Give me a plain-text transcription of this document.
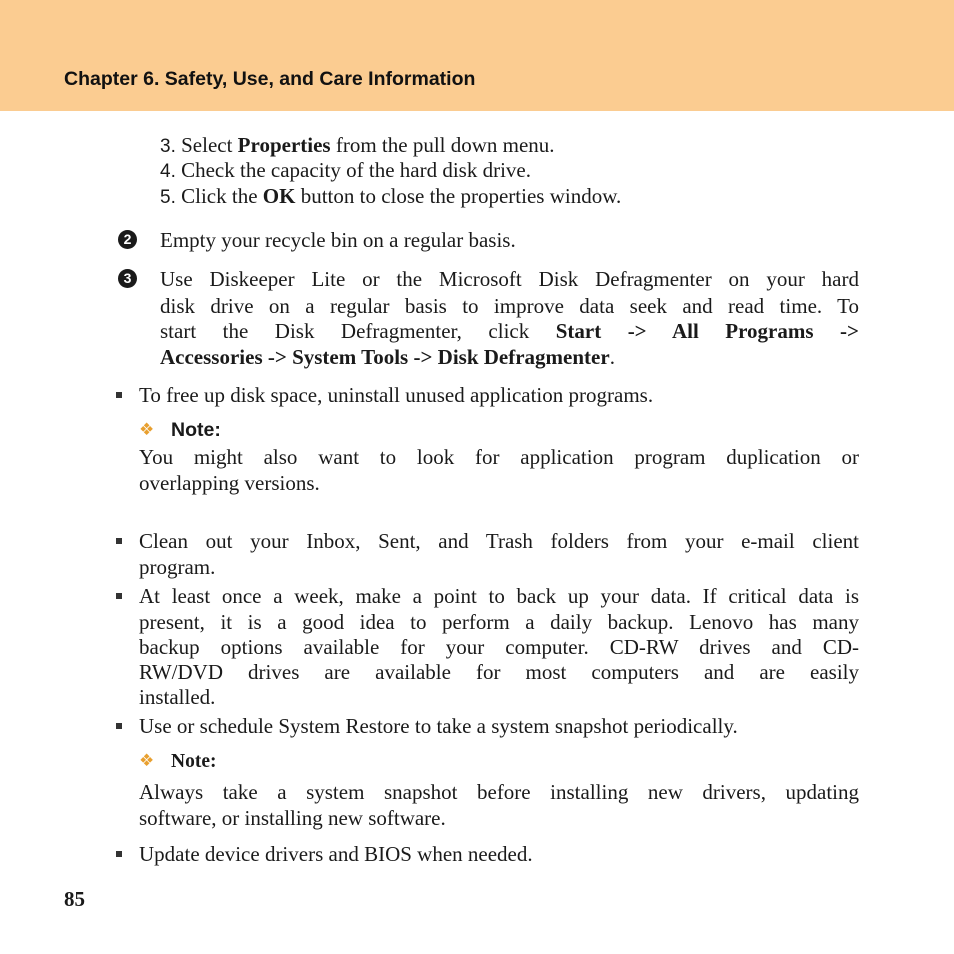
Chapter 6. Safety, Use, and Care Information
3. Select Properties from the pull down menu.
4. Check the capacity of the hard disk drive.
5. Click the OK button to close the properties window.
2 Empty your recycle bin on a regular basis.
3 Use Diskeeper Lite or the Microsoft Disk Defragmenter on your hard
disk drive on a regular basis to improve data seek and read time. To
start the Disk Defragmenter, click Start -> All Programs ->
Accessories -> System Tools -> Disk Defragmenter.
To free up disk space, uninstall unused application programs.
❖ Note:
You might also want to look for application program duplication or
overlapping versions.
Clean out your Inbox, Sent, and Trash folders from your e-mail client
program.
At least once a week, make a point to back up your data. If critical data is
present, it is a good idea to perform a daily backup. Lenovo has many
backup options available for your computer. CD-RW drives and CD-
RW/DVD drives are available for most computers and are easily
installed.
Use or schedule System Restore to take a system snapshot periodically.
❖ Note:
Always take a system snapshot before installing new drivers, updating
software, or installing new software.
Update device drivers and BIOS when needed.
85
